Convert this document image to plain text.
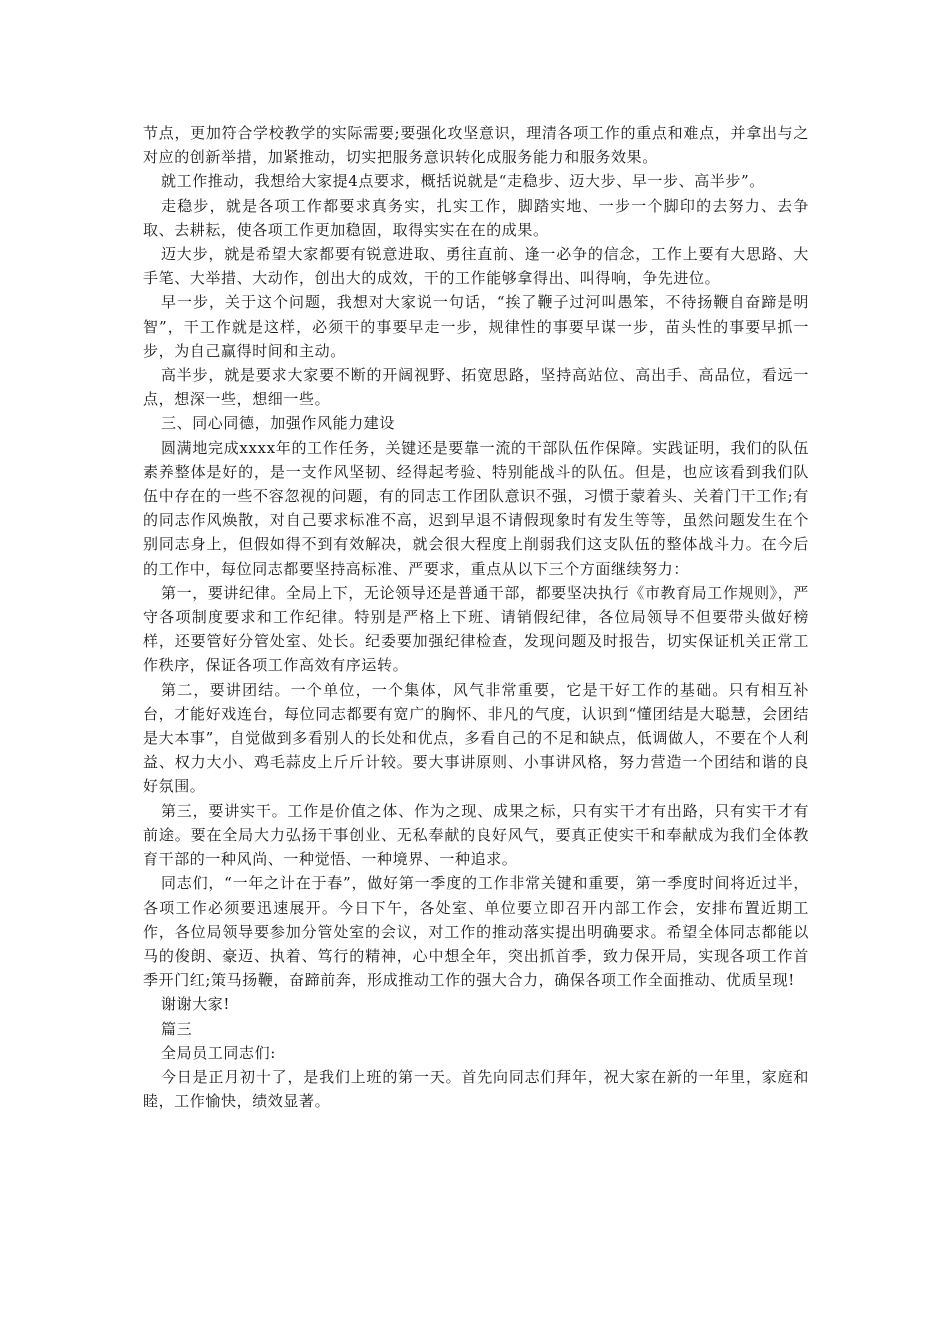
节点，更加符合学校教学的实际需要;要强化攻坚意识，理清各项工作的重点和难点，并拿出与之对应的创新举措，加紧推动，切实把服务意识转化成服务能力和服务效果。

就工作推动，我想给大家提4点要求，概括说就是“走稳步、迈大步、早一步、高半步”。

走稳步，就是各项工作都要求真务实，扎实工作，脚踏实地、一步一个脚印的去努力、去争取、去耕耘，使各项工作更加稳固，取得实实在在的成果。

迈大步，就是希望大家都要有锐意进取、勇往直前、逢一必争的信念，工作上要有大思路、大手笔、大举措、大动作，创出大的成效，干的工作能够拿得出、叫得响，争先进位。

早一步，关于这个问题，我想对大家说一句话，“挨了鞭子过河叫愚笨，不待扬鞭自奋蹄是明智”，干工作就是这样，必须干的事要早走一步，规律性的事要早谋一步，苗头性的事要早抓一步，为自己赢得时间和主动。

高半步，就是要求大家要不断的开阔视野、拓宽思路，坚持高站位、高出手、高品位，看远一点，想深一些，想细一些。

三、同心同德，加强作风能力建设

圆满地完成xxxx年的工作任务，关键还是要靠一流的干部队伍作保障。实践证明，我们的队伍素养整体是好的，是一支作风坚韧、经得起考验、特别能战斗的队伍。但是，也应该看到我们队伍中存在的一些不容忽视的问题，有的同志工作团队意识不强，习惯于蒙着头、关着门干工作;有的同志作风焕散，对自己要求标准不高，迟到早退不请假现象时有发生等等，虽然问题发生在个别同志身上，但假如得不到有效解决，就会很大程度上削弱我们这支队伍的整体战斗力。在今后的工作中，每位同志都要坚持高标准、严要求，重点从以下三个方面继续努力：

第一，要讲纪律。全局上下，无论领导还是普通干部，都要坚决执行《市教育局工作规则》，严守各项制度要求和工作纪律。特别是严格上下班、请销假纪律，各位局领导不但要带头做好榜样，还要管好分管处室、处长。纪委要加强纪律检查，发现问题及时报告，切实保证机关正常工作秩序，保证各项工作高效有序运转。

第二，要讲团结。一个单位，一个集体，风气非常重要，它是干好工作的基础。只有相互补台，才能好戏连台，每位同志都要有宽广的胸怀、非凡的气度，认识到“懂团结是大聪慧，会团结是大本事”，自觉做到多看别人的长处和优点，多看自己的不足和缺点，低调做人，不要在个人利益、权力大小、鸡毛蒜皮上斤斤计较。要大事讲原则、小事讲风格，努力营造一个团结和谐的良好氛围。

第三，要讲实干。工作是价值之体、作为之现、成果之标，只有实干才有出路，只有实干才有前途。要在全局大力弘扬干事创业、无私奉献的良好风气，要真正使实干和奉献成为我们全体教育干部的一种风尚、一种觉悟、一种境界、一种追求。

同志们，“一年之计在于春”，做好第一季度的工作非常关键和重要，第一季度时间将近过半，各项工作必须要迅速展开。今日下午，各处室、单位要立即召开内部工作会，安排布置近期工作，各位局领导要参加分管处室的会议，对工作的推动落实提出明确要求。希望全体同志都能以马的俊朗、豪迈、执着、笃行的精神，心中想全年，突出抓首季，致力保开局，实现各项工作首季开门红;策马扬鞭，奋蹄前奔，形成推动工作的强大合力，确保各项工作全面推动、优质呈现!

谢谢大家!

篇三

全局员工同志们:

今日是正月初十了，是我们上班的第一天。首先向同志们拜年，祝大家在新的一年里，家庭和睦，工作愉快，绩效显著。
